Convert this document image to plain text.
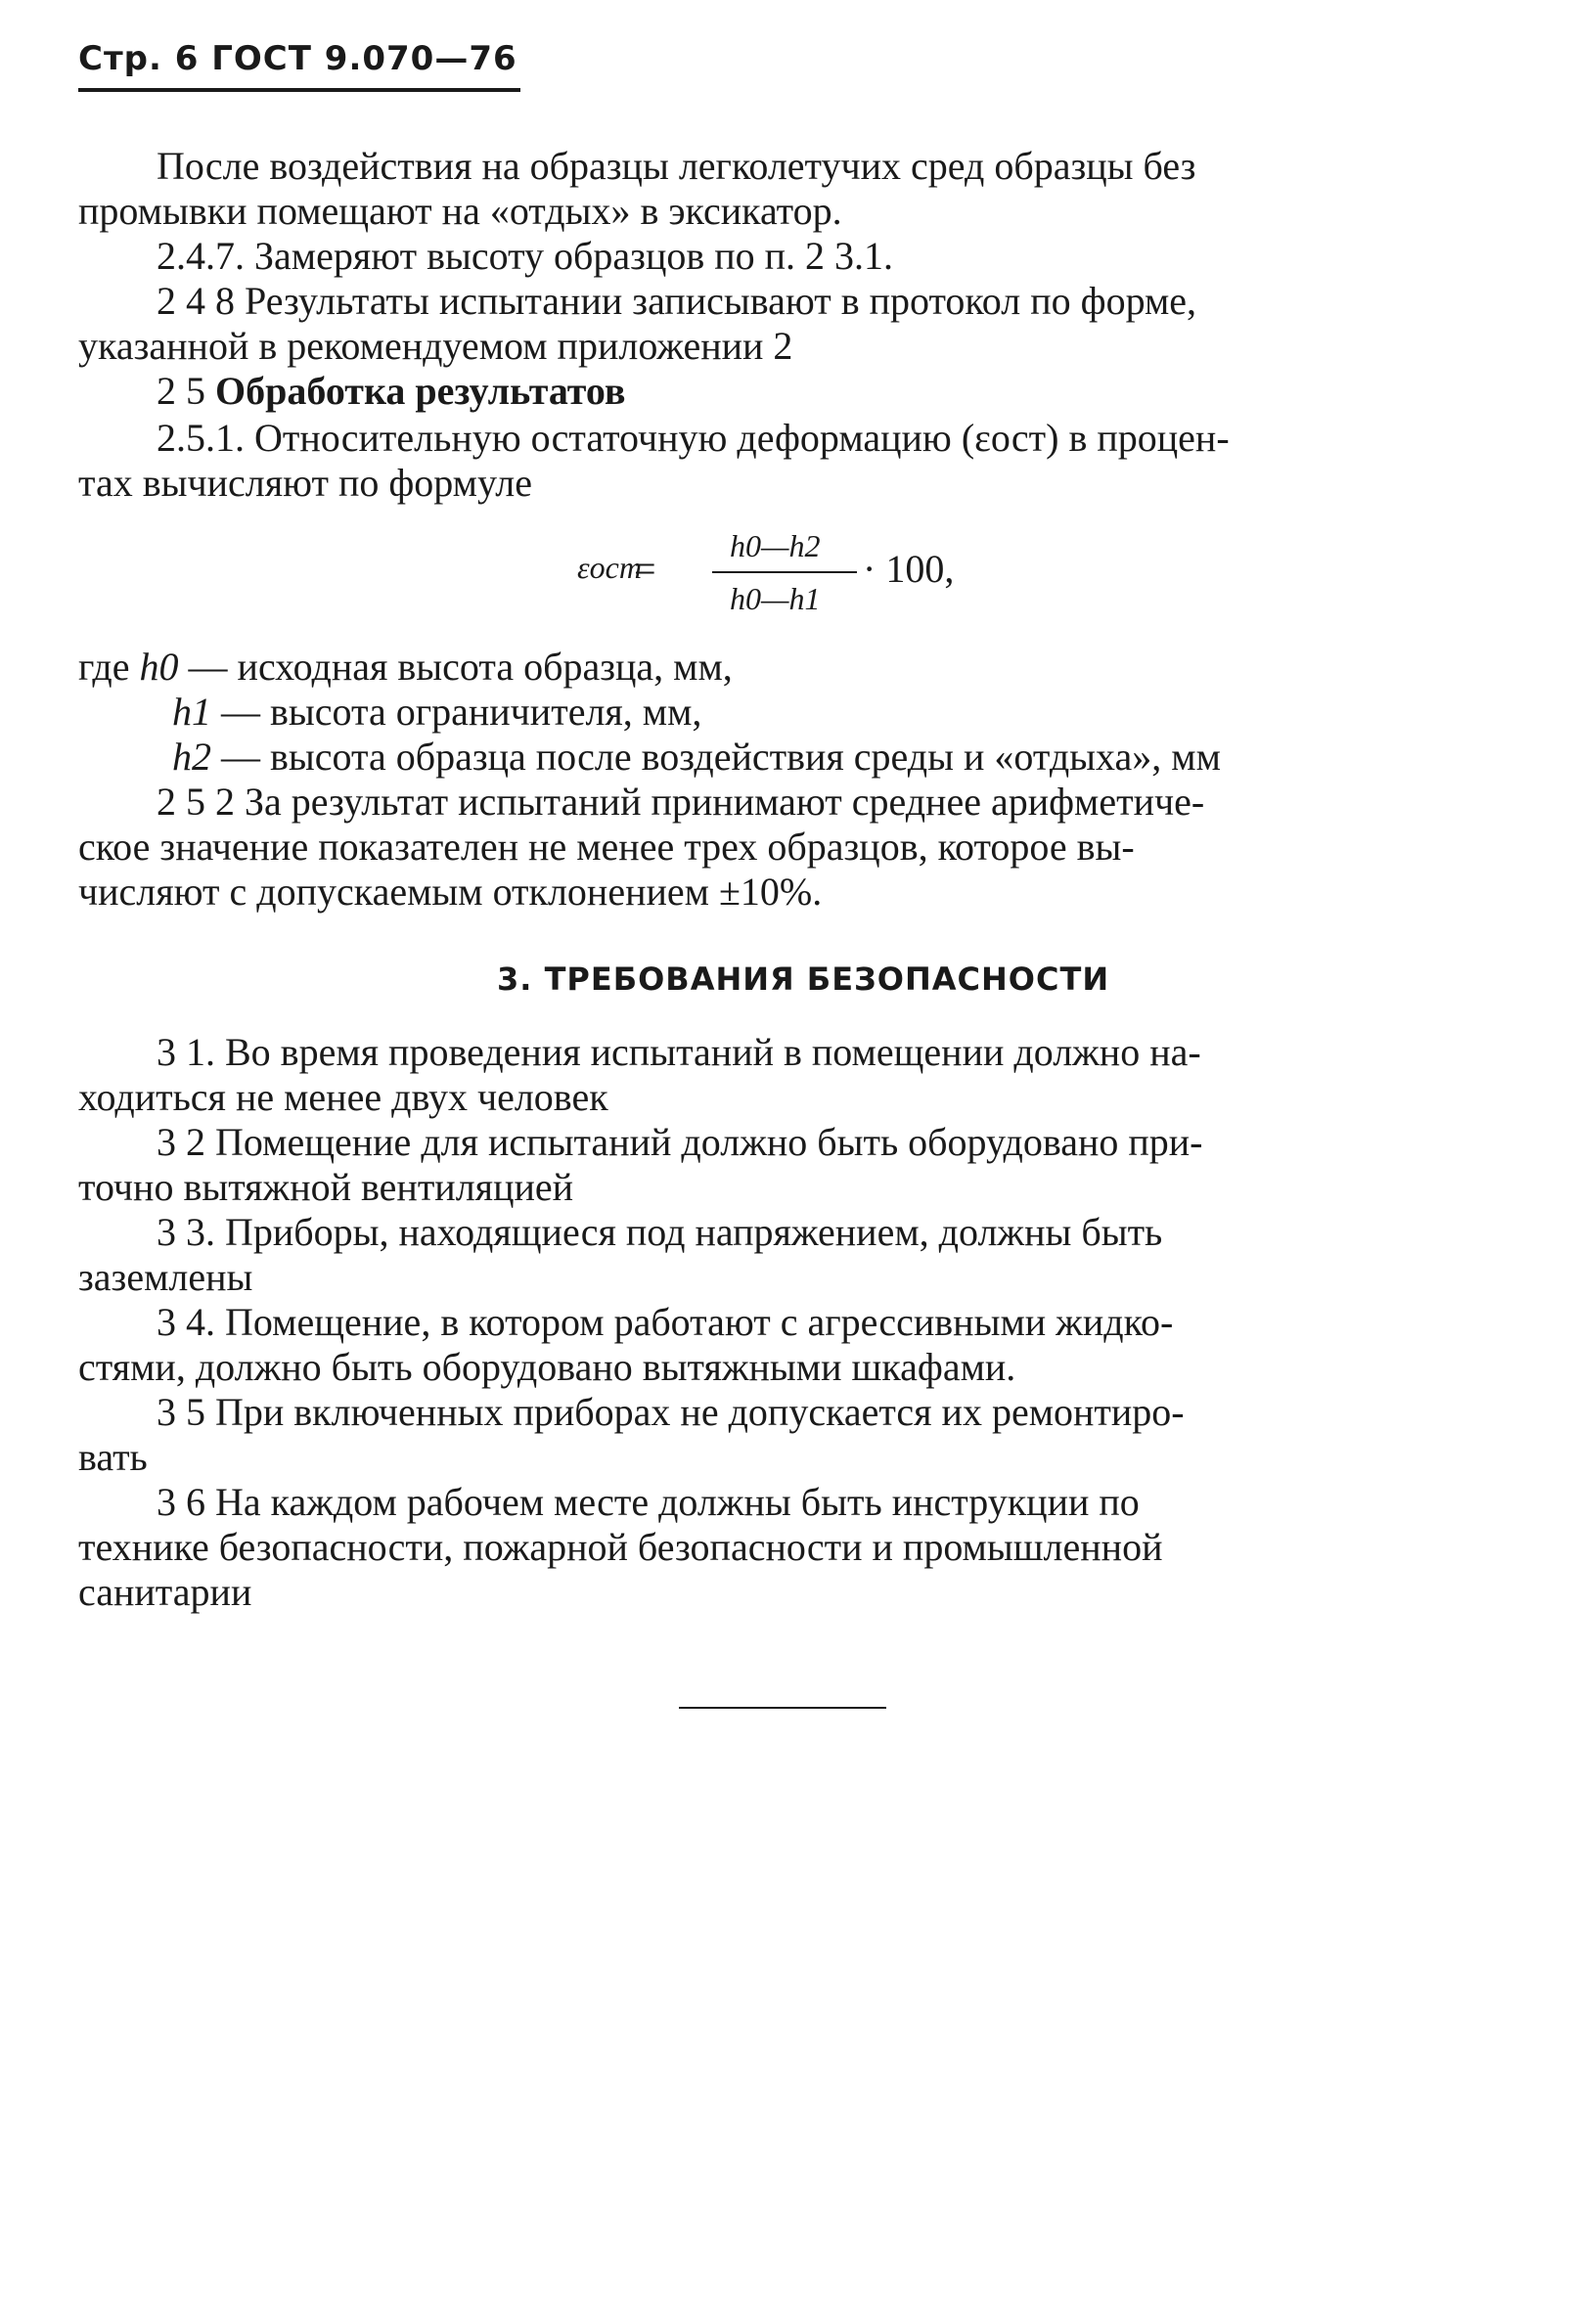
Стр. 6 ГОСТ 9.070—76
После воздействия на образцы легколетучих сред образцы без
промывки помещают на «отдых» в эксикатор.
2.4.7. Замеряют высоту образцов по п. 2 3.1.
2 4 8 Результаты испытании записывают в протокол по форме,
указанной в рекомендуемом приложении 2
2 5 Обработка результатов
2.5.1. Относительную остаточную деформацию (εост) в процен-
тах вычисляют по формуле
εост
=
h0—h2
h0—h1
· 100,
где h0 — исходная высота образца, мм,
h1 — высота ограничителя, мм,
h2 — высота образца после воздействия среды и «отдыха», мм
2 5 2 За результат испытаний принимают среднее арифметиче-
ское значение показателен не менее трех образцов, которое вы-
числяют с допускаемым отклонением ±10%.
3. ТРЕБОВАНИЯ БЕЗОПАСНОСТИ
3 1. Во время проведения испытаний в помещении должно на-
ходиться не менее двух человек
3 2 Помещение для испытаний должно быть оборудовано при-
точно вытяжной вентиляцией
3 3. Приборы, находящиеся под напряжением, должны быть
заземлены
3 4. Помещение, в котором работают с агрессивными жидко-
стями, должно быть оборудовано вытяжными шкафами.
3 5 При включенных приборах не допускается их ремонтиро-
вать
3 6 На каждом рабочем месте должны быть инструкции по
технике безопасности, пожарной безопасности и промышленной
санитарии
